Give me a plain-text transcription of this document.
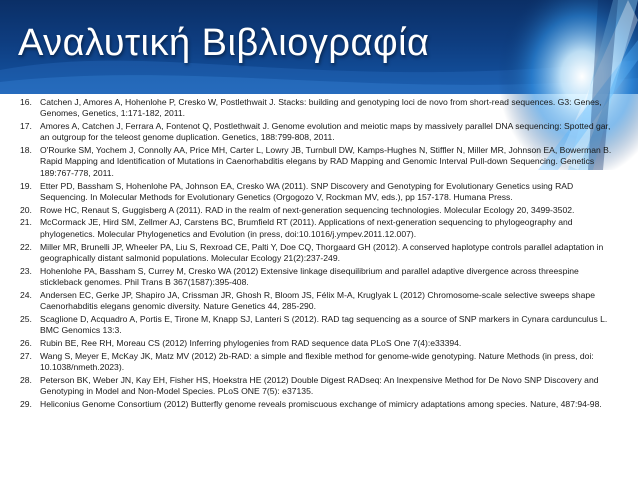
Αναλυτική Βιβλιογραφία
16. Catchen J, Amores A, Hohenlohe P, Cresko W, Postlethwait J. Stacks: building and genotyping loci de novo from short-read sequences. G3: Genes, Genomes, Genetics, 1:171-182, 2011.
17. Amores A, Catchen J, Ferrara A, Fontenot Q, Postlethwait J. Genome evolution and meiotic maps by massively parallel DNA sequencing: Spotted gar, an outgroup for the teleost genome duplication. Genetics, 188:799-808, 2011.
18. O'Rourke SM, Yochem J, Connolly AA, Price MH, Carter L, Lowry JB, Turnbull DW, Kamps-Hughes N, Stiffler N, Miller MR, Johnson EA, Bowerman B. Rapid Mapping and Identification of Mutations in Caenorhabditis elegans by RAD Mapping and Genomic Interval Pull-down Sequencing. Genetics 189:767-778, 2011.
19. Etter PD, Bassham S, Hohenlohe PA, Johnson EA, Cresko WA (2011). SNP Discovery and Genotyping for Evolutionary Genetics using RAD Sequencing. In Molecular Methods for Evolutionary Genetics (Orgogozo V, Rockman MV, eds.), pp 157-178. Humana Press.
20. Rowe HC, Renaut S, Guggisberg A (2011). RAD in the realm of next-generation sequencing technologies. Molecular Ecology 20, 3499-3502.
21. McCormack JE, Hird SM, Zellmer AJ, Carstens BC, Brumfield RT (2011). Applications of next-generation sequencing to phylogeography and phylogenetics. Molecular Phylogenetics and Evolution (in press, doi:10.1016/j.ympev.2011.12.007).
22. Miller MR, Brunelli JP, Wheeler PA, Liu S, Rexroad CE, Palti Y, Doe CQ, Thorgaard GH (2012). A conserved haplotype controls parallel adaptation in geographically distant salmonid populations. Molecular Ecology 21(2):237-249.
23. Hohenlohe PA, Bassham S, Currey M, Cresko WA (2012) Extensive linkage disequilibrium and parallel adaptive divergence across threespine stickleback genomes. Phil Trans B 367(1587):395-408.
24. Andersen EC, Gerke JP, Shapiro JA, Crissman JR, Ghosh R, Bloom JS, Félix M-A, Kruglyak L (2012) Chromosome-scale selective sweeps shape Caenorhabditis elegans genomic diversity. Nature Genetics 44, 285-290.
25. Scaglione D, Acquadro A, Portis E, Tirone M, Knapp SJ, Lanteri S (2012). RAD tag sequencing as a source of SNP markers in Cynara cardunculus L. BMC Genomics 13:3.
26. Rubin BE, Ree RH, Moreau CS (2012) Inferring phylogenies from RAD sequence data PLoS One 7(4):e33394.
27. Wang S, Meyer E, McKay JK, Matz MV (2012) 2b-RAD: a simple and flexible method for genome-wide genotyping. Nature Methods (in press, doi: 10.1038/nmeth.2023).
28. Peterson BK, Weber JN, Kay EH, Fisher HS, Hoekstra HE (2012) Double Digest RADseq: An Inexpensive Method for De Novo SNP Discovery and Genotyping in Model and Non-Model Species. PLoS ONE 7(5): e37135.
29. Heliconius Genome Consortium (2012) Butterfly genome reveals promiscuous exchange of mimicry adaptations among species. Nature, 487:94-98.
